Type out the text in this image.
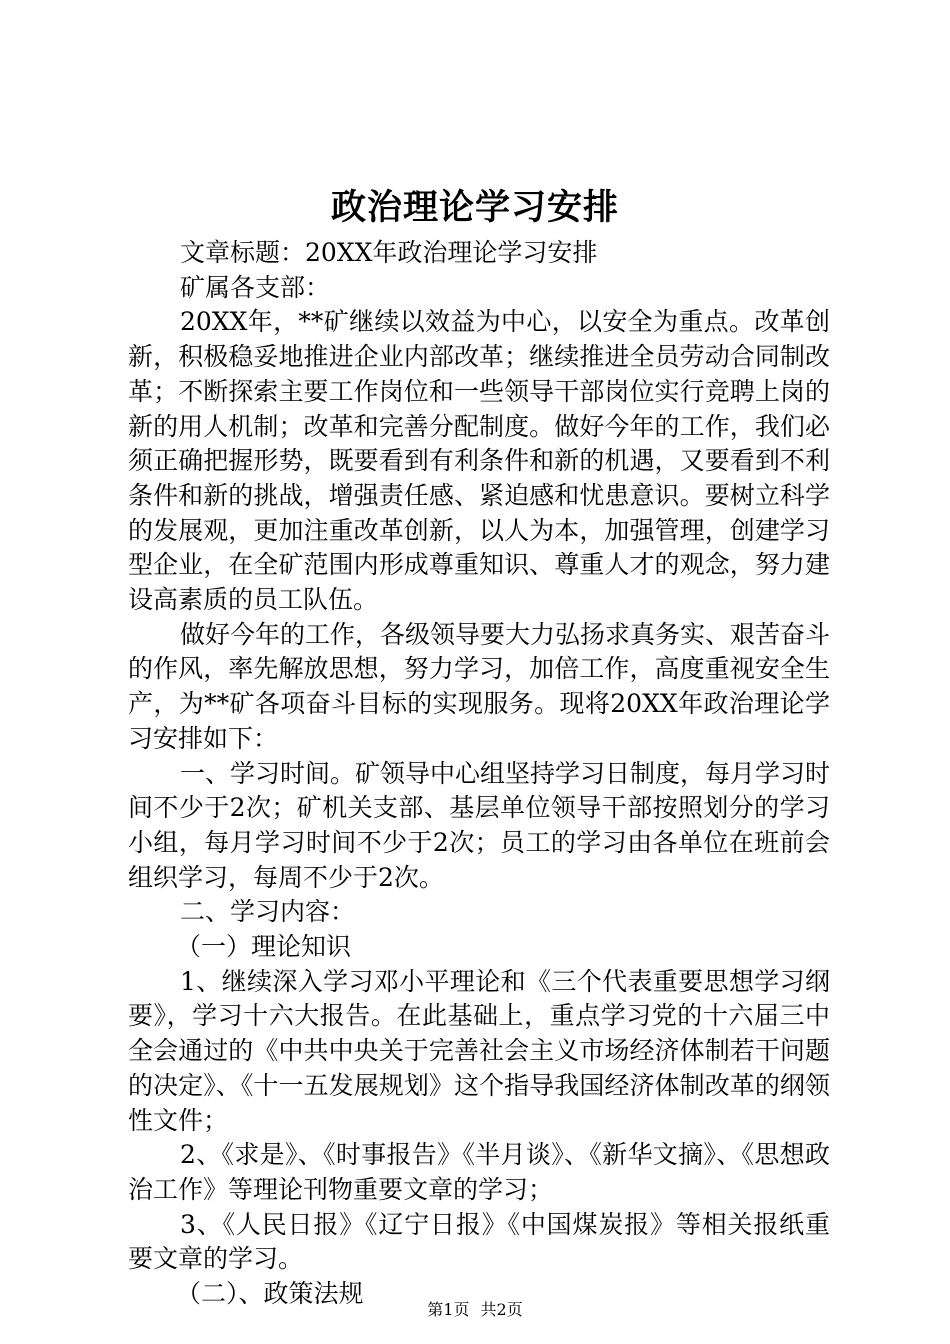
政治理论学习安排

文章标题：20XX年政治理论学习安排

矿属各支部：

20XX年，**矿继续以效益为中心，以安全为重点。改革创新，积极稳妥地推进企业内部改革；继续推进全员劳动合同制改革；不断探索主要工作岗位和一些领导干部岗位实行竞聘上岗的新的用人机制；改革和完善分配制度。做好今年的工作，我们必须正确把握形势，既要看到有利条件和新的机遇，又要看到不利条件和新的挑战，增强责任感、紧迫感和忧患意识。要树立科学的发展观，更加注重改革创新，以人为本，加强管理，创建学习型企业，在全矿范围内形成尊重知识、尊重人才的观念，努力建设高素质的员工队伍。

做好今年的工作，各级领导要大力弘扬求真务实、艰苦奋斗的作风，率先解放思想，努力学习，加倍工作，高度重视安全生产，为**矿各项奋斗目标的实现服务。现将20XX年政治理论学习安排如下：

一、学习时间。矿领导中心组坚持学习日制度，每月学习时间不少于2次；矿机关支部、基层单位领导干部按照划分的学习小组，每月学习时间不少于2次；员工的学习由各单位在班前会组织学习，每周不少于2次。

二、学习内容：

（一）理论知识

1、继续深入学习邓小平理论和《三个代表重要思想学习纲要》，学习十六大报告。在此基础上，重点学习党的十六届三中全会通过的《中共中央关于完善社会主义市场经济体制若干问题的决定》、《十一五发展规划》这个指导我国经济体制改革的纲领性文件；

2、《求是》、《时事报告》《半月谈》、《新华文摘》、《思想政治工作》等理论刊物重要文章的学习；

3、《人民日报》《辽宁日报》《中国煤炭报》等相关报纸重要文章的学习。

（二）、政策法规

第1页 共2页
